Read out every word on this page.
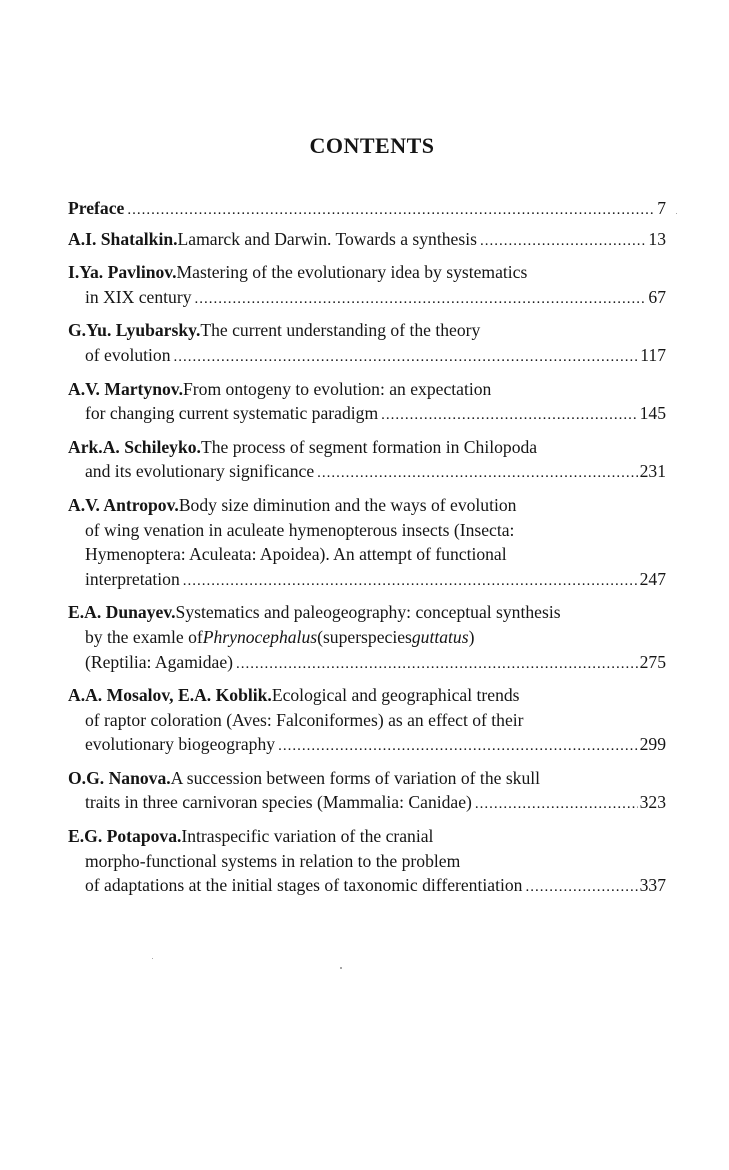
CONTENTS
Preface .....	7
A.I. Shatalkin. Lamarck and Darwin. Towards a synthesis .....	13
I.Ya. Pavlinov. Mastering of the evolutionary idea by systematics
in XIX century .....	67
G.Yu. Lyubarsky. The current understanding of the theory
of evolution .....	117
A.V. Martynov. From ontogeny to evolution: an expectation
for changing current systematic paradigm .....	145
Ark.A. Schileyko. The process of segment formation in Chilopoda
and its evolutionary significance .....	231
A.V. Antropov. Body size diminution and the ways of evolution
of wing venation in aculeate hymenopterous insects (Insecta:
Hymenoptera: Aculeata: Apoidea). An attempt of functional
interpretation .....	247
E.A. Dunayev. Systematics and paleogeography: conceptual synthesis
by the examle of Phrynocephalus (superspecies guttatus )
(Reptilia: Agamidae) .....	275
A.A. Mosalov, E.A. Koblik. Ecological and geographical trends
of raptor coloration (Aves: Falconiformes) as an effect of their
evolutionary biogeography .....	299
O.G. Nanova. A succession between forms of variation of the skull
traits in three carnivoran species (Mammalia: Canidae) .....	323
E.G. Potapova. Intraspecific variation of the cranial
morpho-functional systems in relation to the problem
of adaptations at the initial stages of taxonomic differentiation .....	337
